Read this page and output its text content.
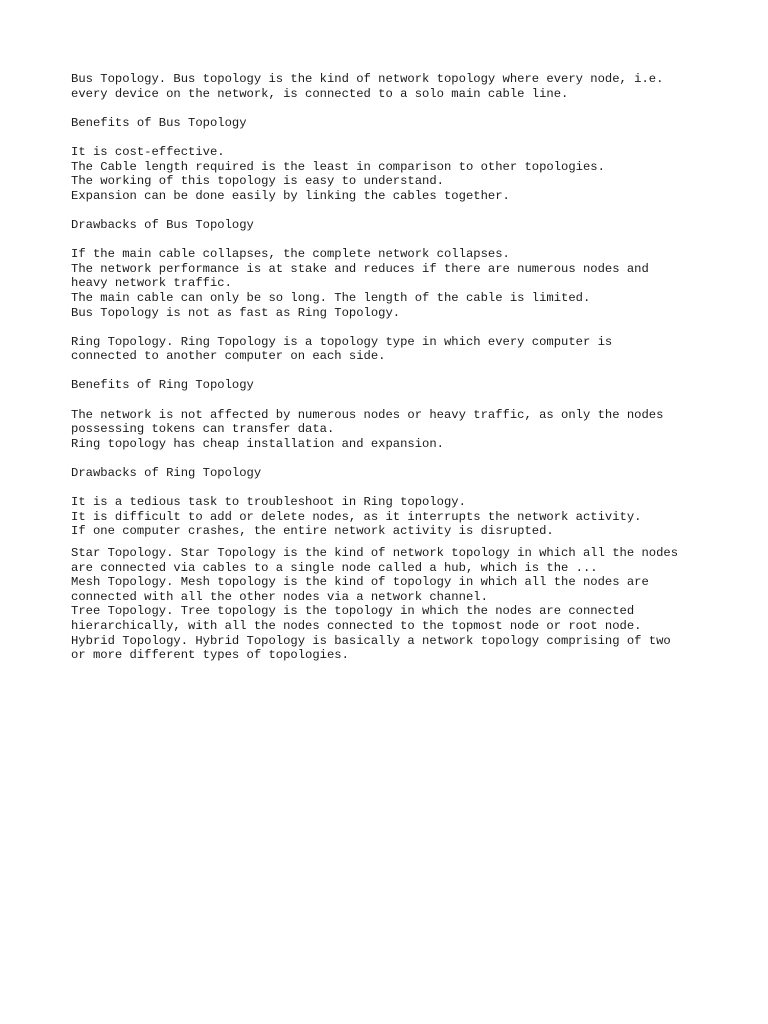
Bus Topology. Bus topology is the kind of network topology where every node, i.e.
every device on the network, is connected to a solo main cable line.
Benefits of Bus Topology
It is cost-effective.
The Cable length required is the least in comparison to other topologies.
The working of this topology is easy to understand.
Expansion can be done easily by linking the cables together.
Drawbacks of Bus Topology
If the main cable collapses, the complete network collapses.
The network performance is at stake and reduces if there are numerous nodes and
heavy network traffic.
The main cable can only be so long. The length of the cable is limited.
Bus Topology is not as fast as Ring Topology.
Ring Topology. Ring Topology is a topology type in which every computer is
connected to another computer on each side.
Benefits of Ring Topology
The network is not affected by numerous nodes or heavy traffic, as only the nodes
possessing tokens can transfer data.
Ring topology has cheap installation and expansion.
Drawbacks of Ring Topology
It is a tedious task to troubleshoot in Ring topology.
It is difficult to add or delete nodes, as it interrupts the network activity.
If one computer crashes, the entire network activity is disrupted.
Star Topology. Star Topology is the kind of network topology in which all the nodes
are connected via cables to a single node called a hub, which is the ...
Mesh Topology. Mesh topology is the kind of topology in which all the nodes are
connected with all the other nodes via a network channel.
Tree Topology. Tree topology is the topology in which the nodes are connected
hierarchically, with all the nodes connected to the topmost node or root node.
Hybrid Topology. Hybrid Topology is basically a network topology comprising of two
or more different types of topologies.
